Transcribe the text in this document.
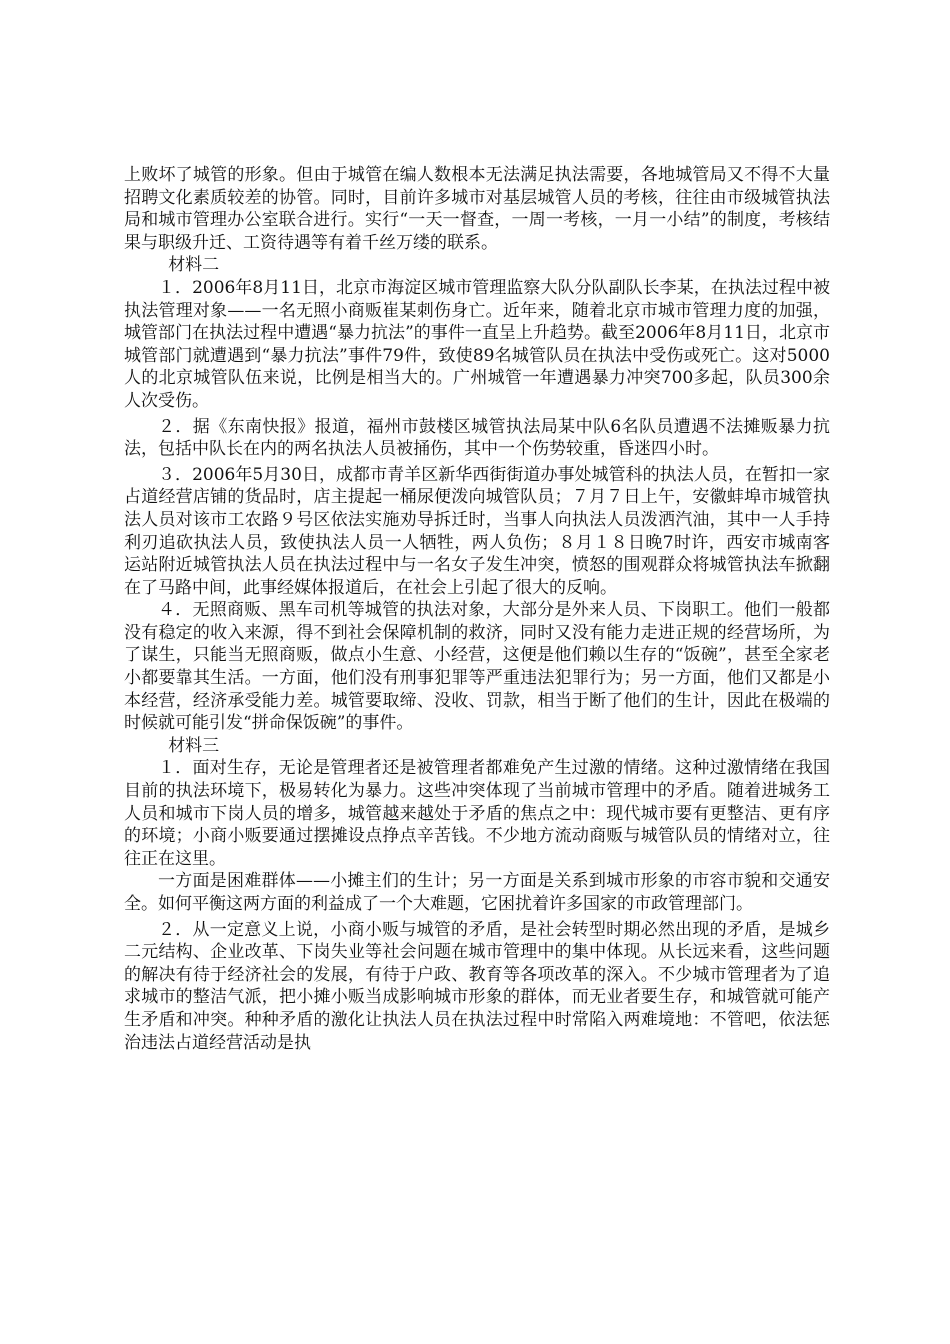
上败坏了城管的形象。但由于城管在编人数根本无法满足执法需要，各地城管局又不得不大量招聘文化素质较差的协管。同时，目前许多城市对基层城管人员的考核，往往由市级城管执法局和城市管理办公室联合进行。实行“一天一督查，一周一考核，一月一小结”的制度，考核结果与职级升迁、工资待遇等有着千丝万缕的联系。

材料二

１．2006年8月11日，北京市海淀区城市管理监察大队分队副队长李某，在执法过程中被执法管理对象——一名无照小商贩崔某刺伤身亡。近年来，随着北京市城市管理力度的加强，城管部门在执法过程中遭遇“暴力抗法”的事件一直呈上升趋势。截至2006年8月11日，北京市城管部门就遭遇到“暴力抗法”事件79件，致使89名城管队员在执法中受伤或死亡。这对5000人的北京城管队伍来说，比例是相当大的。广州城管一年遭遇暴力冲突700多起，队员300余人次受伤。

２．据《东南快报》报道，福州市鼓楼区城管执法局某中队6名队员遭遇不法摊贩暴力抗法，包括中队长在内的两名执法人员被捅伤，其中一个伤势较重，昏迷四小时。

３．2006年5月30日，成都市青羊区新华西街街道办事处城管科的执法人员，在暂扣一家占道经营店铺的货品时，店主提起一桶尿便泼向城管队员；７月７日上午，安徽蚌埠市城管执法人员对该市工农路９号区依法实施劝导拆迁时，当事人向执法人员泼洒汽油，其中一人手持利刃追砍执法人员，致使执法人员一人牺牲，两人负伤；８月１８日晚7时许，西安市城南客运站附近城管执法人员在执法过程中与一名女子发生冲突，愤怒的围观群众将城管执法车掀翻在了马路中间，此事经媒体报道后，在社会上引起了很大的反响。

４．无照商贩、黑车司机等城管的执法对象，大部分是外来人员、下岗职工。他们一般都没有稳定的收入来源，得不到社会保障机制的救济，同时又没有能力走进正规的经营场所，为了谋生，只能当无照商贩，做点小生意、小经营，这便是他们赖以生存的“饭碗”，甚至全家老小都要靠其生活。一方面，他们没有刑事犯罪等严重违法犯罪行为；另一方面，他们又都是小本经营，经济承受能力差。城管要取缔、没收、罚款，相当于断了他们的生计，因此在极端的时候就可能引发“拼命保饭碗”的事件。

材料三

１．面对生存，无论是管理者还是被管理者都难免产生过激的情绪。这种过激情绪在我国目前的执法环境下，极易转化为暴力。这些冲突体现了当前城市管理中的矛盾。随着进城务工人员和城市下岗人员的增多，城管越来越处于矛盾的焦点之中：现代城市要有更整洁、更有序的环境；小商小贩要通过摆摊设点挣点辛苦钱。不少地方流动商贩与城管队员的情绪对立，往往正在这里。

一方面是困难群体——小摊主们的生计；另一方面是关系到城市形象的市容市貌和交通安全。如何平衡这两方面的利益成了一个大难题，它困扰着许多国家的市政管理部门。

２．从一定意义上说，小商小贩与城管的矛盾，是社会转型时期必然出现的矛盾，是城乡二元结构、企业改革、下岗失业等社会问题在城市管理中的集中体现。从长远来看，这些问题的解决有待于经济社会的发展，有待于户政、教育等各项改革的深入。不少城市管理者为了追求城市的整洁气派，把小摊小贩当成影响城市形象的群体，而无业者要生存，和城管就可能产生矛盾和冲突。种种矛盾的激化让执法人员在执法过程中时常陷入两难境地：不管吧，依法惩治违法占道经营活动是执
